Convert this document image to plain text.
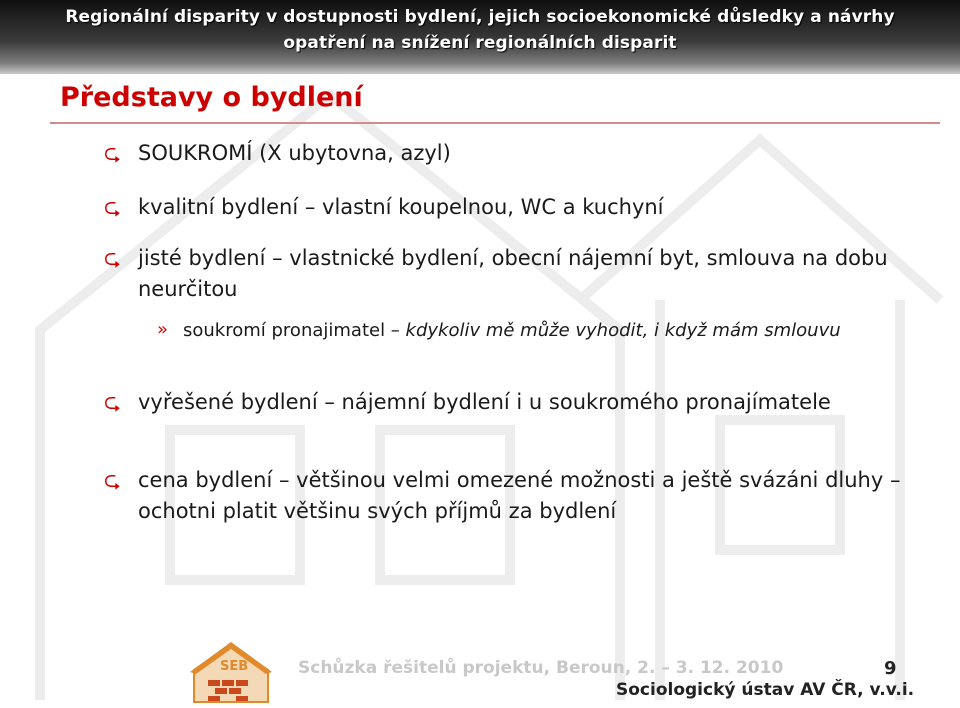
Regionální disparity v dostupnosti bydlení, jejich socioekonomické důsledky a návrhy
opatření na snížení regionálních disparit
Představy o bydlení
⮎ SOUKROMÍ (X ubytovna, azyl)
⮎ kvalitní bydlení – vlastní koupelnou, WC a kuchyní
⮎ jisté bydlení – vlastnické bydlení, obecní nájemní byt, smlouva na dobu neurčitou
» soukromí pronajimatel – kdykoliv mě může vyhodit, i když mám smlouvu
⮎ vyřešené bydlení – nájemní bydlení i u soukromého pronajímatele
⮎ cena bydlení – většinou velmi omezené možnosti a ještě svázáni dluhy – ochotni platit většinu svých příjmů za bydlení
SEB	Schůzka řešitelů projektu, Beroun, 2. – 3. 12. 2010	9
Sociologický ústav AV ČR, v.v.i.
